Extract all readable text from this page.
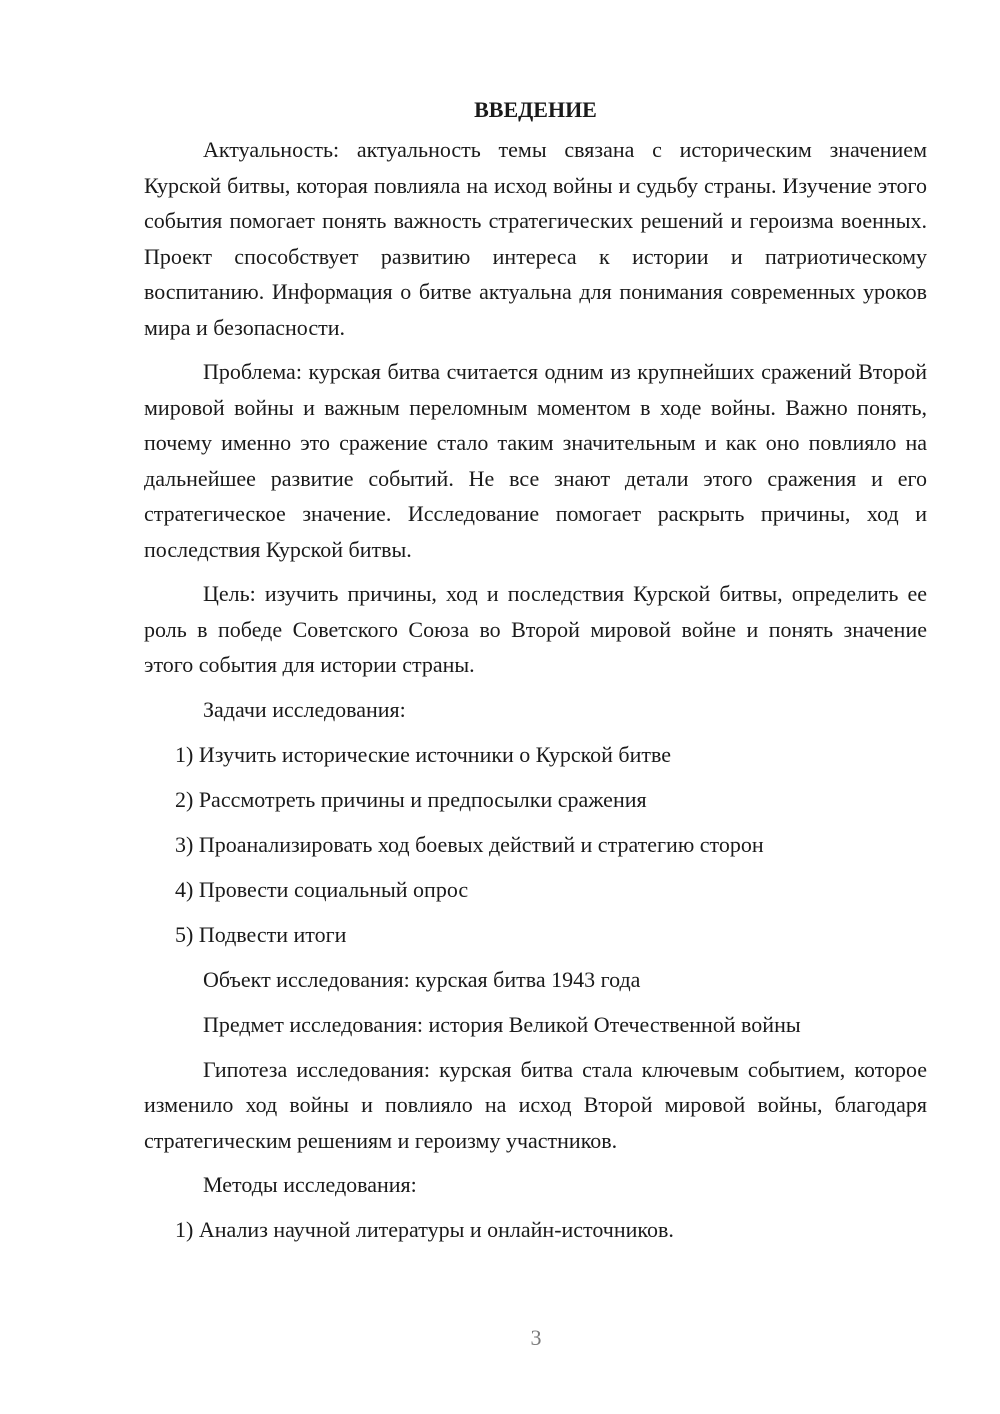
ВВЕДЕНИЕ

Актуальность: актуальность темы связана с историческим значением Курской битвы, которая повлияла на исход войны и судьбу страны. Изучение этого события помогает понять важность стратегических решений и героизма военных. Проект способствует развитию интереса к истории и патриотическому воспитанию. Информация о битве актуальна для понимания современных уроков мира и безопасности.

Проблема: курская битва считается одним из крупнейших сражений Второй мировой войны и важным переломным моментом в ходе войны. Важно понять, почему именно это сражение стало таким значительным и как оно повлияло на дальнейшее развитие событий. Не все знают детали этого сражения и его стратегическое значение. Исследование помогает раскрыть причины, ход и последствия Курской битвы.

Цель: изучить причины, ход и последствия Курской битвы, определить ее роль в победе Советского Союза во Второй мировой войне и понять значение этого события для истории страны.

Задачи исследования:
1) Изучить исторические источники о Курской битве
2) Рассмотреть причины и предпосылки сражения
3) Проанализировать ход боевых действий и стратегию сторон
4) Провести социальный опрос
5) Подвести итоги
Объект исследования: курская битва 1943 года
Предмет исследования: история Великой Отечественной войны

Гипотеза исследования: курская битва стала ключевым событием, которое изменило ход войны и повлияло на исход Второй мировой войны, благодаря стратегическим решениям и героизму участников.

Методы исследования:
1) Анализ научной литературы и онлайн-источников.
3
